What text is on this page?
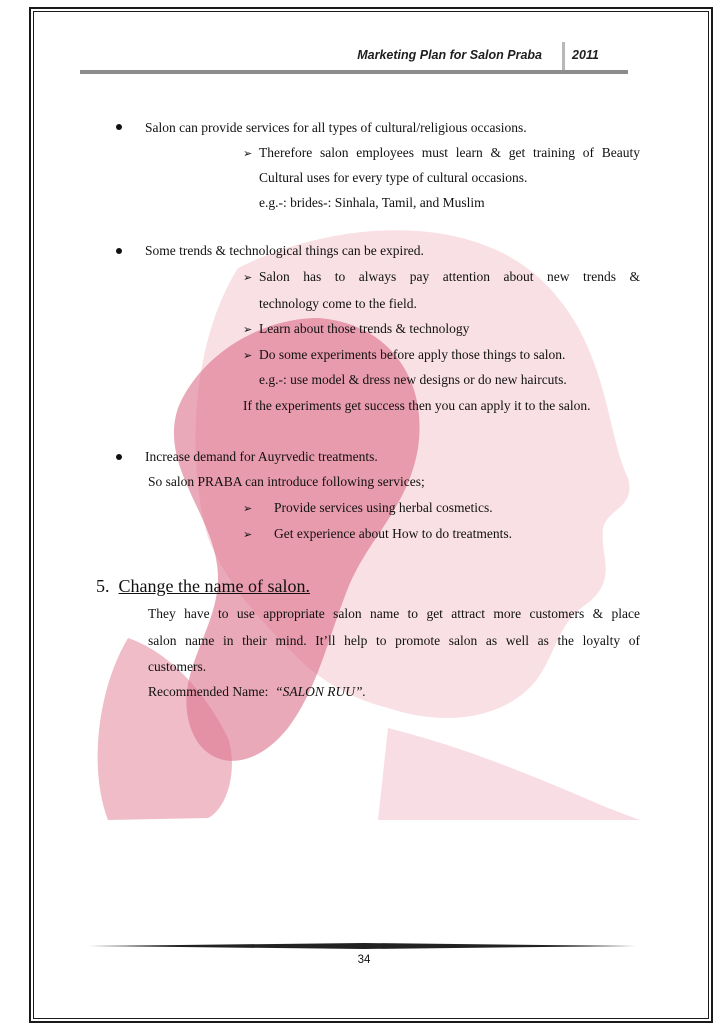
Marketing Plan for Salon Praba 2011
Salon can provide services for all types of cultural/religious occasions.
➢ Therefore salon employees must learn & get training of Beauty
Cultural uses for every type of cultural occasions.
e.g.-: brides-: Sinhala, Tamil, and Muslim
Some trends & technological things can be expired.
➢ Salon has to always pay attention about new trends &
technology come to the field.
➢ Learn about those trends & technology
➢ Do some experiments before apply those things to salon.
e.g.-: use model & dress new designs or do new haircuts.
If the experiments get success then you can apply it to the salon.
Increase demand for Auyrvedic treatments.
So salon PRABA can introduce following services;
➢ Provide services using herbal cosmetics.
➢ Get experience about How to do treatments.
5. Change the name of salon.
They have to use appropriate salon name to get attract more customers & place
salon name in their mind. It’ll help to promote salon as well as the loyalty of
customers.
Recommended Name: “SALON RUU”.
34
